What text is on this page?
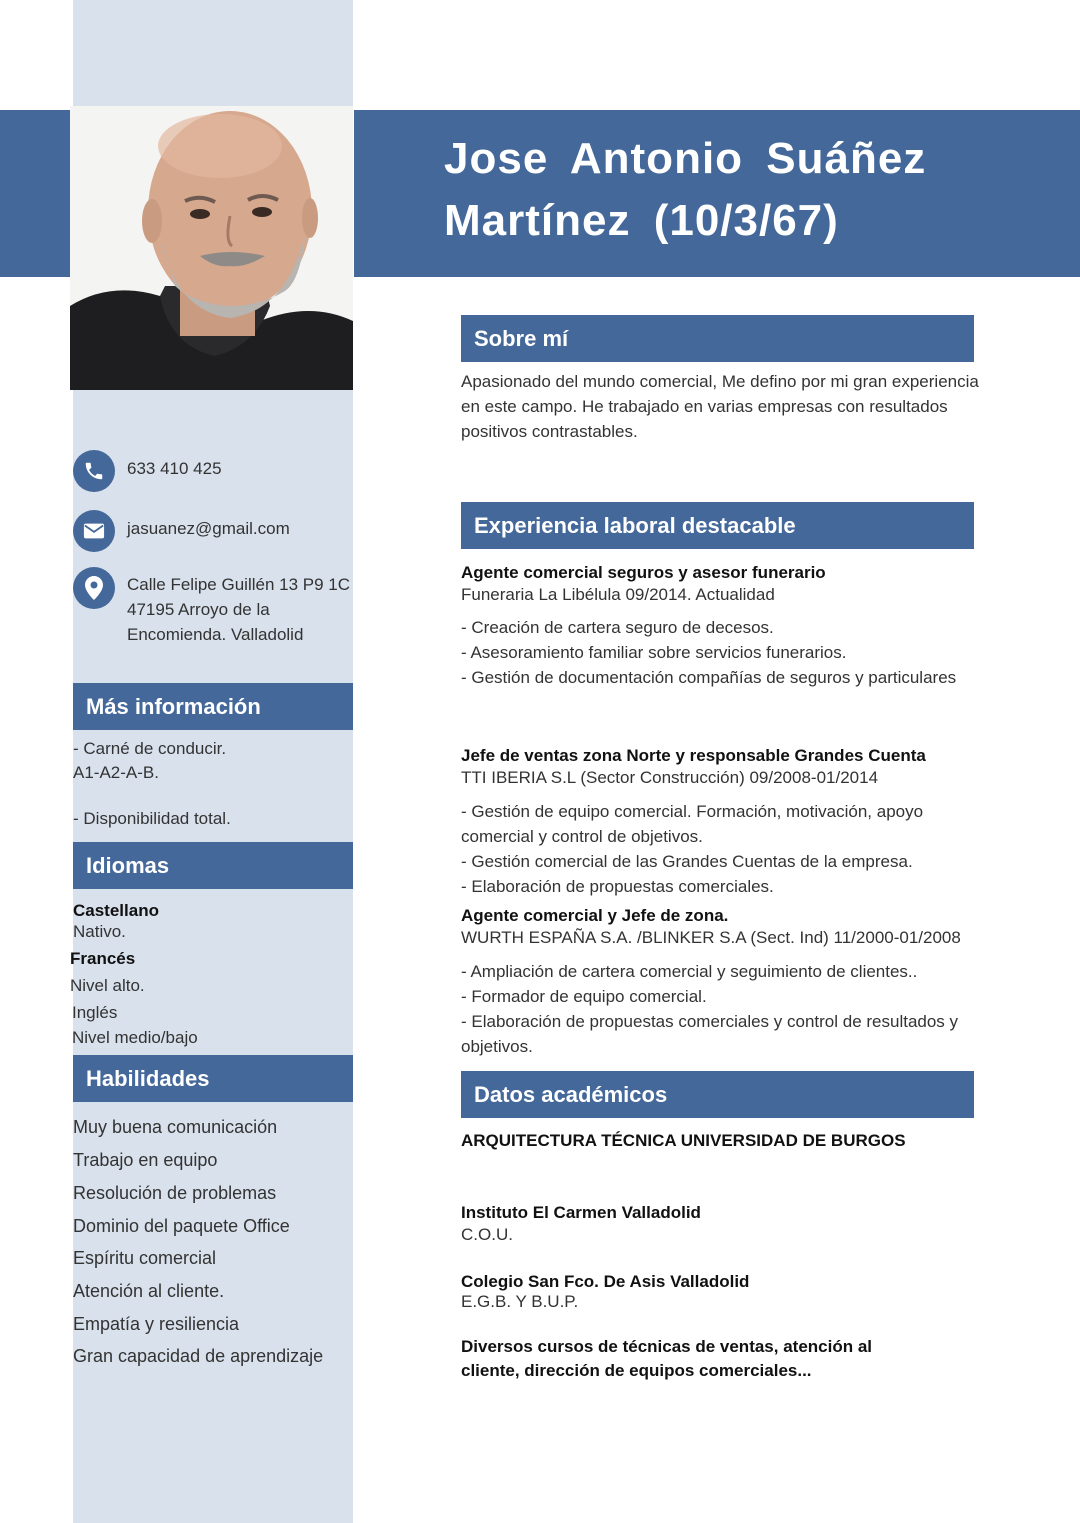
Jose Antonio Suáñez
Martínez (10/3/67)
633 410 425
jasuanez@gmail.com
Calle Felipe Guillén 13 P9 1C
47195 Arroyo de la
Encomienda. Valladolid
Más información
- Carné de conducir.
A1-A2-A-B.
- Disponibilidad total.
Idiomas
Castellano
Nativo.
Francés
Nivel alto.
Inglés
Nivel medio/bajo
Habilidades
Muy buena comunicación
Trabajo en equipo
Resolución de problemas
Dominio del paquete Office
Espíritu comercial
Atención al cliente.
Empatía y resiliencia
Gran capacidad de aprendizaje
Sobre mí
Apasionado del mundo comercial, Me defino por mi gran experiencia en este campo. He trabajado en varias empresas con resultados positivos contrastables.
Experiencia laboral destacable
Agente comercial seguros y asesor funerario
Funeraria La Libélula 09/2014. Actualidad
- Creación de cartera seguro de decesos.
- Asesoramiento familiar sobre servicios funerarios.
- Gestión de documentación compañías de seguros y particulares
Jefe de ventas zona Norte y responsable Grandes Cuenta
TTI IBERIA S.L (Sector Construcción) 09/2008-01/2014
- Gestión de equipo comercial. Formación, motivación, apoyo comercial y control de objetivos.
- Gestión comercial de las Grandes Cuentas de la empresa.
- Elaboración de propuestas comerciales.
Agente comercial y Jefe de zona.
WURTH ESPAÑA S.A. /BLINKER S.A (Sect. Ind) 11/2000-01/2008
- Ampliación de cartera comercial y seguimiento de clientes..
- Formador de equipo comercial.
- Elaboración de propuestas comerciales y control de resultados y objetivos.
Datos académicos
ARQUITECTURA TÉCNICA UNIVERSIDAD DE BURGOS
Instituto El Carmen Valladolid
C.O.U.
Colegio San Fco. De Asis Valladolid
E.G.B. Y B.U.P.
Diversos cursos de técnicas de ventas, atención al cliente, dirección de equipos comerciales...
